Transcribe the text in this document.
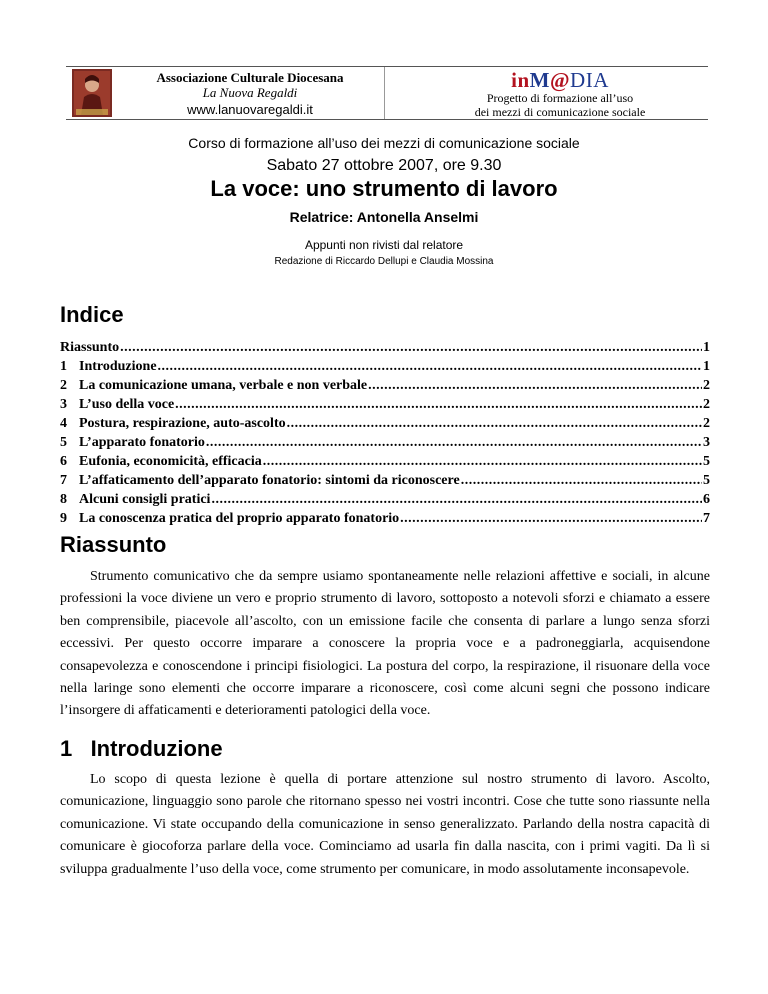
Associazione Culturale Diocesana
La Nuova Regaldi
www.lanuovaregaldi.it
inM@DIA
Progetto di formazione all’uso
dei mezzi di comunicazione sociale
Corso di formazione all’uso dei mezzi di comunicazione sociale
Sabato 27 ottobre 2007, ore 9.30
La voce: uno strumento di lavoro
Relatrice: Antonella Anselmi
Appunti non rivisti dal relatore
Redazione di Riccardo Dellupi e Claudia Mossina
Indice
Riassunto .....	1
1 Introduzione .....	1
2 La comunicazione umana, verbale e non verbale .....	2
3 L’uso della voce .....	2
4 Postura, respirazione, auto-ascolto .....	2
5 L’apparato fonatorio .....	3
6 Eufonia, economicità, efficacia .....	5
7 L’affaticamento dell’apparato fonatorio: sintomi da riconoscere .....	5
8 Alcuni consigli pratici .....	6
9 La conoscenza pratica del proprio apparato fonatorio .....	7
Riassunto
Strumento comunicativo che da sempre usiamo spontaneamente nelle relazioni affettive e sociali, in alcune professioni la voce diviene un vero e proprio strumento di lavoro, sottoposto a notevoli sforzi e chiamato a essere ben comprensibile, piacevole all’ascolto, con un emissione facile che consenta di parlare a lungo senza sforzi eccessivi. Per questo occorre imparare a conoscere la propria voce e a padroneggiarla, acquisendone consapevolezza e conoscendone i principi fisiologici. La postura del corpo, la respirazione, il risuonare della voce nella laringe sono elementi che occorre imparare a riconoscere, così come alcuni segni che possono indicare l’insorgere di affaticamenti e deterioramenti patologici della voce.
1   Introduzione
Lo scopo di questa lezione è quella di portare attenzione sul nostro strumento di lavoro. Ascolto, comunicazione, linguaggio sono parole che ritornano spesso nei vostri incontri. Cose che tutte sono riassunte nella comunicazione. Vi state occupando della comunicazione in senso generalizzato. Parlando della nostra capacità di comunicare è giocoforza parlare della voce. Cominciamo ad usarla fin dalla nascita, con i primi vagiti. Da lì si sviluppa gradualmente l’uso della voce, come strumento per comunicare, in modo assolutamente inconsapevole.
